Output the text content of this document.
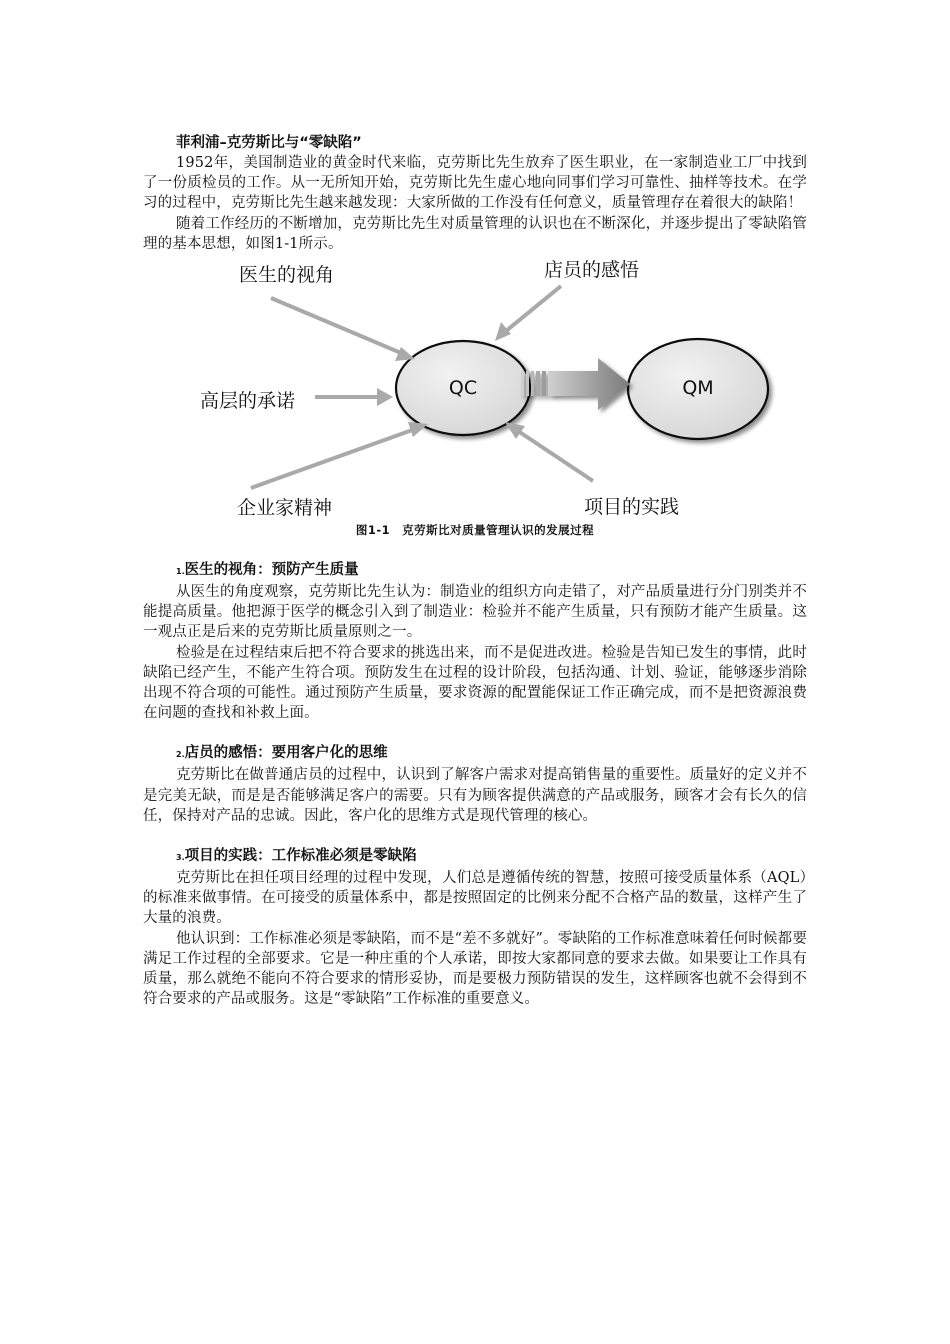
菲利浦–克劳斯比与“零缺陷”

1952年，美国制造业的黄金时代来临，克劳斯比先生放弃了医生职业，在一家制造业工厂中找到了一份质检员的工作。从一无所知开始，克劳斯比先生虚心地向同事们学习可靠性、抽样等技术。在学习的过程中，克劳斯比先生越来越发现：大家所做的工作没有任何意义，质量管理存在着很大的缺陷！

随着工作经历的不断增加，克劳斯比先生对质量管理的认识也在不断深化，并逐步提出了零缺陷管理的基本思想，如图1-1所示。

医生的视角	店员的感悟
高层的承诺
企业家精神	项目的实践
QC	QM

图1-1　克劳斯比对质量管理认识的发展过程

1.医生的视角：预防产生质量

从医生的角度观察，克劳斯比先生认为：制造业的组织方向走错了，对产品质量进行分门别类并不能提高质量。他把源于医学的概念引入到了制造业：检验并不能产生质量，只有预防才能产生质量。这一观点正是后来的克劳斯比质量原则之一。

检验是在过程结束后把不符合要求的挑选出来，而不是促进改进。检验是告知已发生的事情，此时缺陷已经产生，不能产生符合项。预防发生在过程的设计阶段，包括沟通、计划、验证，能够逐步消除出现不符合项的可能性。通过预防产生质量，要求资源的配置能保证工作正确完成，而不是把资源浪费在问题的查找和补救上面。

2.店员的感悟：要用客户化的思维

克劳斯比在做普通店员的过程中，认识到了解客户需求对提高销售量的重要性。质量好的定义并不是完美无缺，而是是否能够满足客户的需要。只有为顾客提供满意的产品或服务，顾客才会有长久的信任，保持对产品的忠诚。因此，客户化的思维方式是现代管理的核心。

3.项目的实践：工作标准必须是零缺陷

克劳斯比在担任项目经理的过程中发现，人们总是遵循传统的智慧，按照可接受质量体系（AQL）的标准来做事情。在可接受的质量体系中，都是按照固定的比例来分配不合格产品的数量，这样产生了大量的浪费。

他认识到：工作标准必须是零缺陷，而不是“差不多就好”。零缺陷的工作标准意味着任何时候都要满足工作过程的全部要求。它是一种庄重的个人承诺，即按大家都同意的要求去做。如果要让工作具有质量，那么就绝不能向不符合要求的情形妥协，而是要极力预防错误的发生，这样顾客也就不会得到不符合要求的产品或服务。这是“零缺陷”工作标准的重要意义。
